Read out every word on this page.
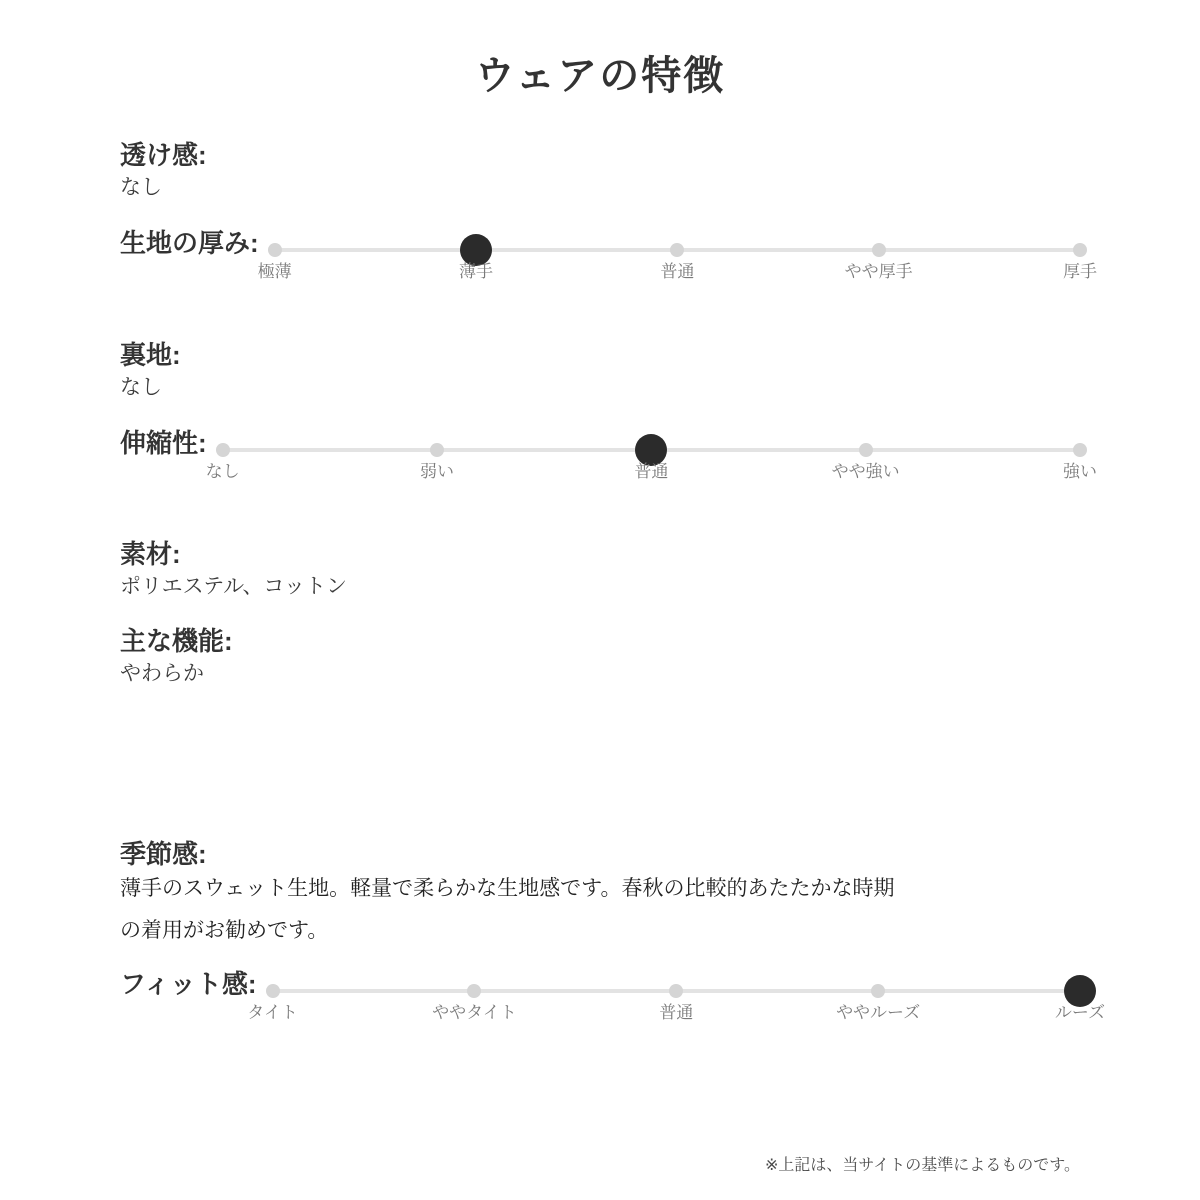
ウェアの特徴
透け感:

なし

生地の厚み:
極薄	薄手	普通	やや厚手	厚手
裏地:

なし

伸縮性:
なし	弱い	普通	やや強い	強い
素材:

ポリエステル、コットン

主な機能:

やわらか

季節感:

薄手のスウェット生地。軽量で柔らかな生地感です。春秋の比較的あたたかな時期

の着用がお勧めです。

フィット感:
タイト	ややタイト	普通	ややルーズ	ルーズ
※上記は、当サイトの基準によるものです。
